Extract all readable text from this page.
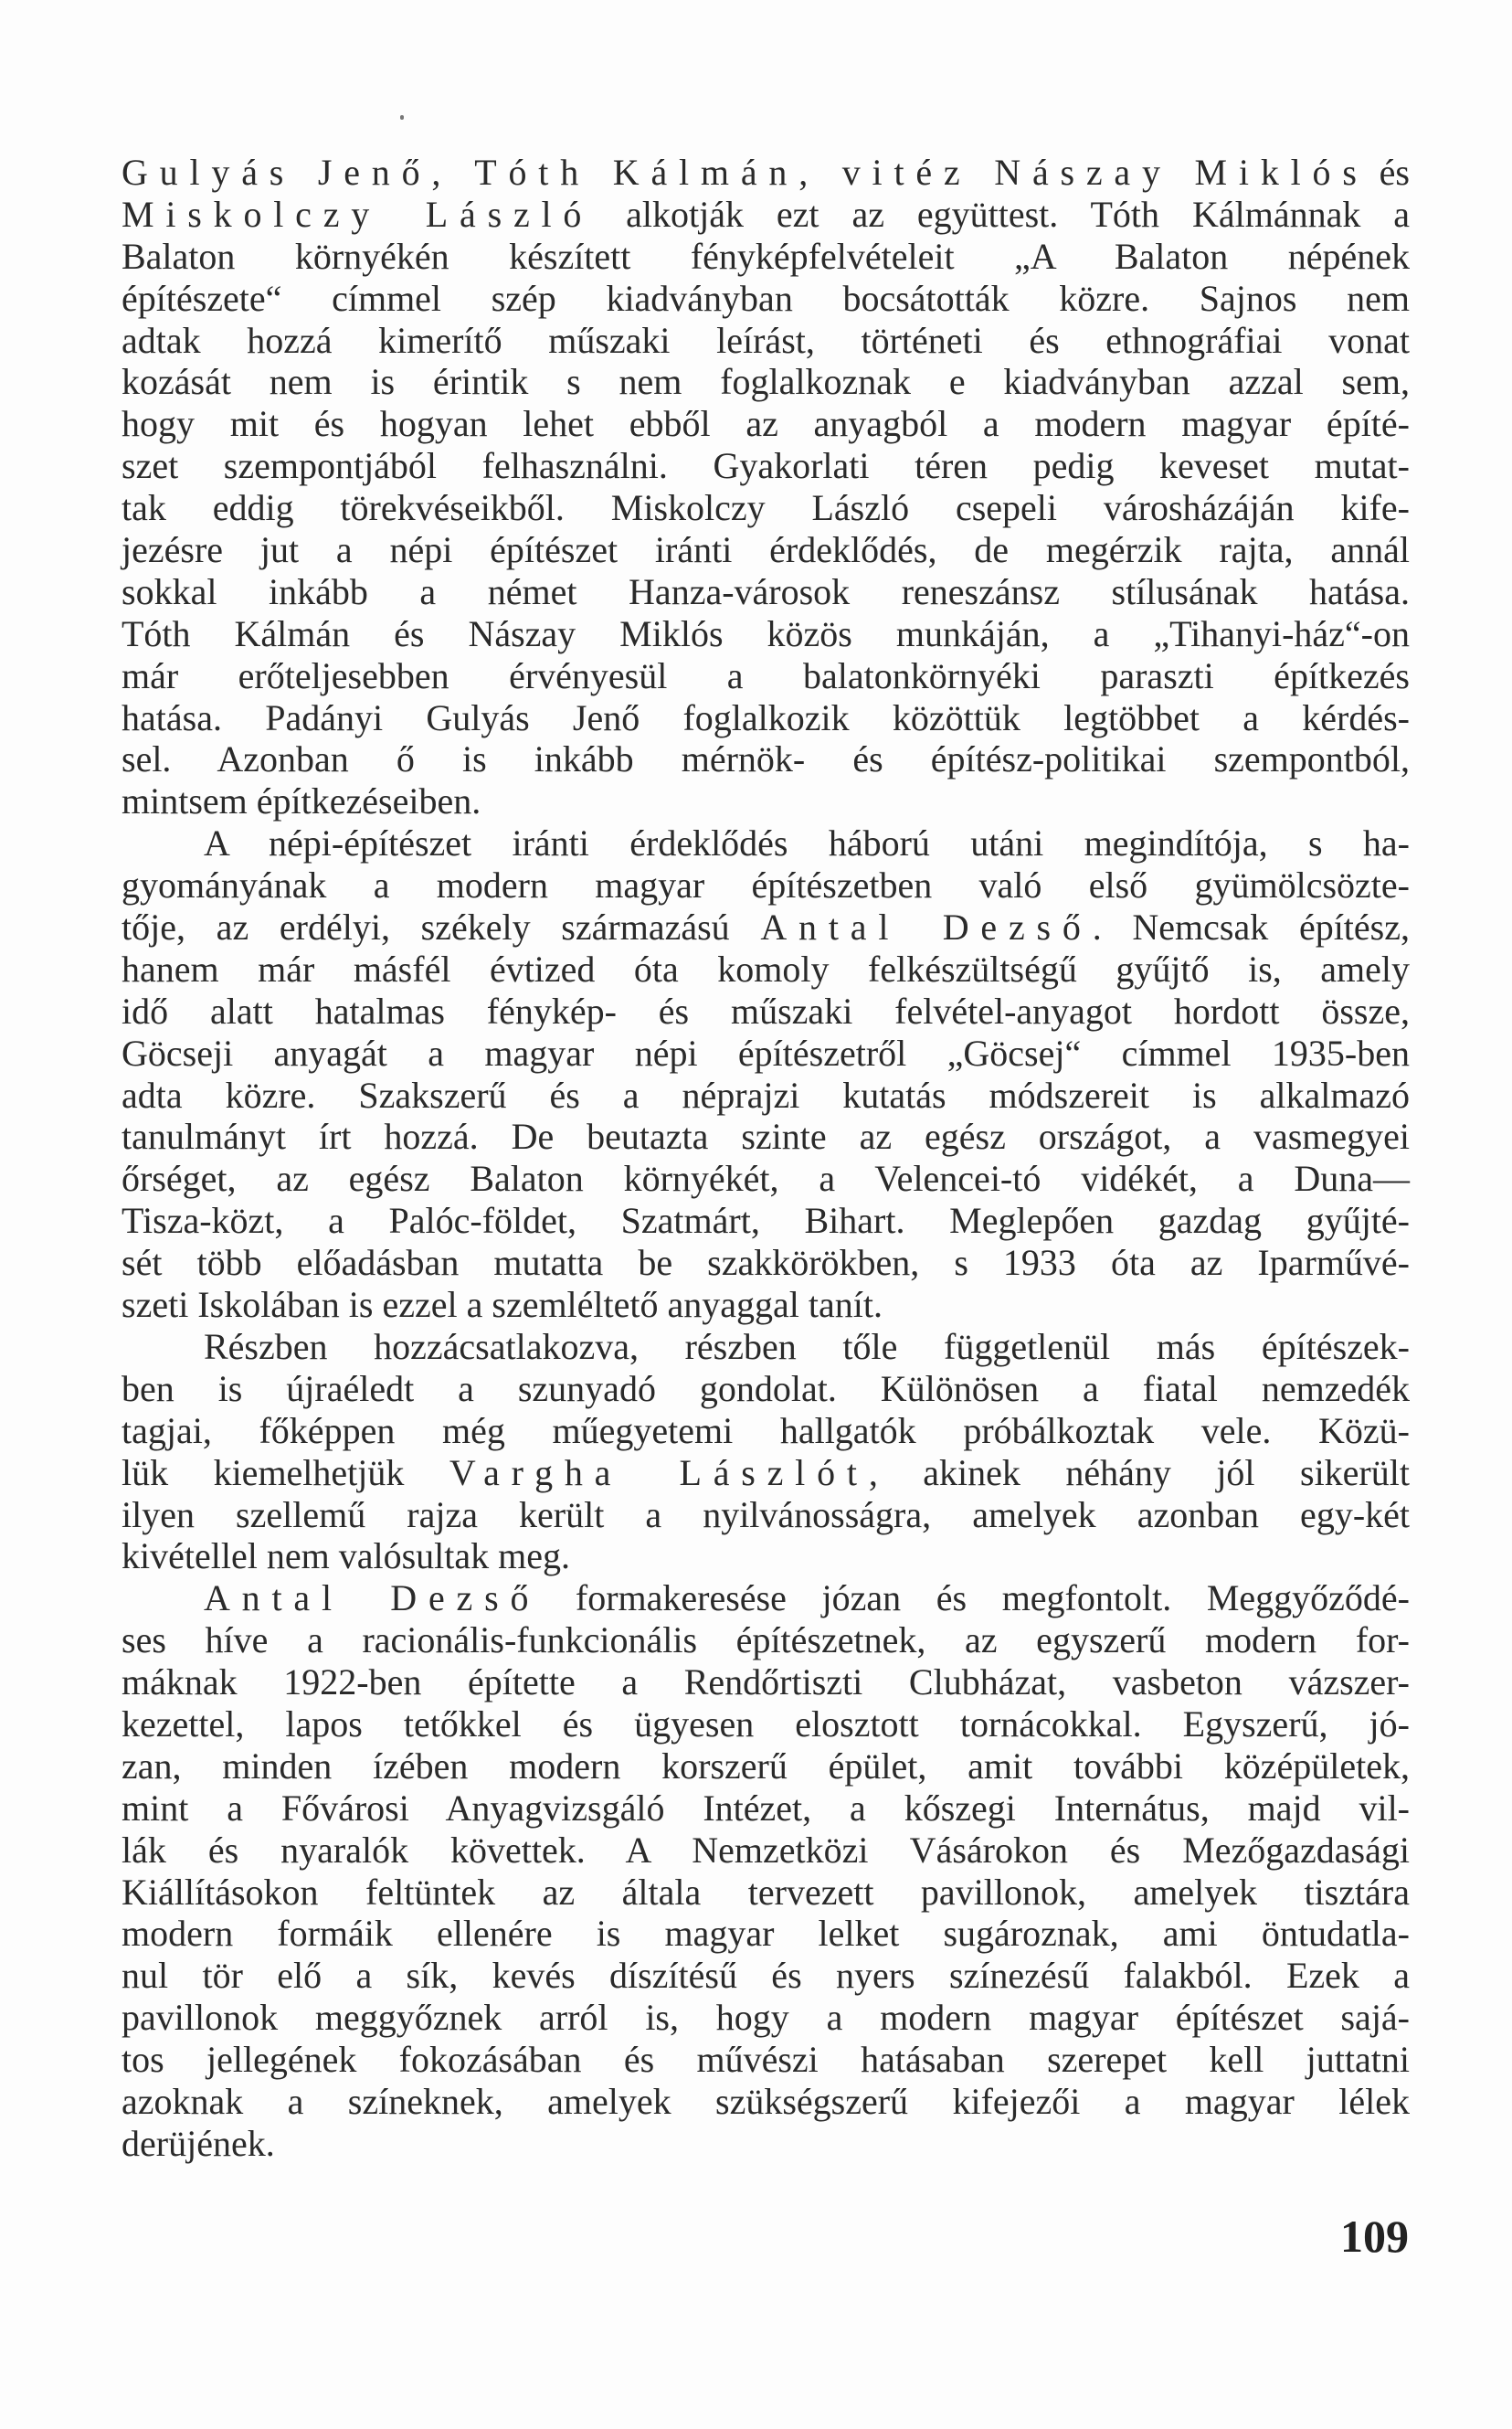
Gulyás Jenő, Tóth Kálmán, vitéz Nászay Miklós és
Miskolczy László alkotják ezt az együttest. Tóth Kálmánnak a
Balaton környékén készített fényképfelvételeit „A Balaton népének
építészete“ címmel szép kiadványban bocsátották közre. Sajnos nem
adtak hozzá kimerítő műszaki leírást, történeti és ethnográfiai vonat
kozását nem is érintik s nem foglalkoznak e kiadványban azzal sem,
hogy mit és hogyan lehet ebből az anyagból a modern magyar építé-
szet szempontjából felhasználni. Gyakorlati téren pedig keveset mutat-
tak eddig törekvéseikből. Miskolczy László csepeli városházáján kife-
jezésre jut a népi építészet iránti érdeklődés, de megérzik rajta, annál
sokkal inkább a német Hanza-városok reneszánsz stílusának hatása.
Tóth Kálmán és Nászay Miklós közös munkáján, a „Tihanyi-ház“-on
már erőteljesebben érvényesül a balatonkörnyéki paraszti építkezés
hatása. Padányi Gulyás Jenő foglalkozik közöttük legtöbbet a kérdés-
sel. Azonban ő is inkább mérnök- és építész-politikai szempontból,
mintsem építkezéseiben.
A népi-építészet iránti érdeklődés háború utáni megindítója, s ha-
gyományának a modern magyar építészetben való első gyümölcsözte-
tője, az erdélyi, székely származású Antal Dezső. Nemcsak építész,
hanem már másfél évtized óta komoly felkészültségű gyűjtő is, amely
idő alatt hatalmas fénykép- és műszaki felvétel-anyagot hordott össze,
Göcseji anyagát a magyar népi építészetről „Göcsej“ címmel 1935-ben
adta közre. Szakszerű és a néprajzi kutatás módszereit is alkalmazó
tanulmányt írt hozzá. De beutazta szinte az egész országot, a vasmegyei
őrséget, az egész Balaton környékét, a Velencei-tó vidékét, a Duna—
Tisza-közt, a Palóc-földet, Szatmárt, Bihart. Meglepően gazdag gyűjté-
sét több előadásban mutatta be szakkörökben, s 1933 óta az Iparművé-
szeti Iskolában is ezzel a szemléltető anyaggal tanít.
Részben hozzácsatlakozva, részben tőle függetlenül más építészek-
ben is újraéledt a szunyadó gondolat. Különösen a fiatal nemzedék
tagjai, főképpen még műegyetemi hallgatók próbálkoztak vele. Közü-
lük kiemelhetjük Vargha Lászlót, akinek néhány jól sikerült
ilyen szellemű rajza került a nyilvánosságra, amelyek azonban egy-két
kivétellel nem valósultak meg.
Antal Dezső formakeresése józan és megfontolt. Meggyőződé-
ses híve a racionális-funkcionális építészetnek, az egyszerű modern for-
máknak 1922-ben építette a Rendőrtiszti Clubházat, vasbeton vázszer-
kezettel, lapos tetőkkel és ügyesen elosztott tornácokkal. Egyszerű, jó-
zan, minden ízében modern korszerű épület, amit további középületek,
mint a Fővárosi Anyagvizsgáló Intézet, a kőszegi Internátus, majd vil-
lák és nyaralók követtek. A Nemzetközi Vásárokon és Mezőgazdasági
Kiállításokon feltüntek az általa tervezett pavillonok, amelyek tisztára
modern formáik ellenére is magyar lelket sugároznak, ami öntudatla-
nul tör elő a sík, kevés díszítésű és nyers színezésű falakból. Ezek a
pavillonok meggyőznek arról is, hogy a modern magyar építészet sajá-
tos jellegének fokozásában és művészi hatásaban szerepet kell juttatni
azoknak a színeknek, amelyek szükségszerű kifejezői a magyar lélek
derüjének.
109
